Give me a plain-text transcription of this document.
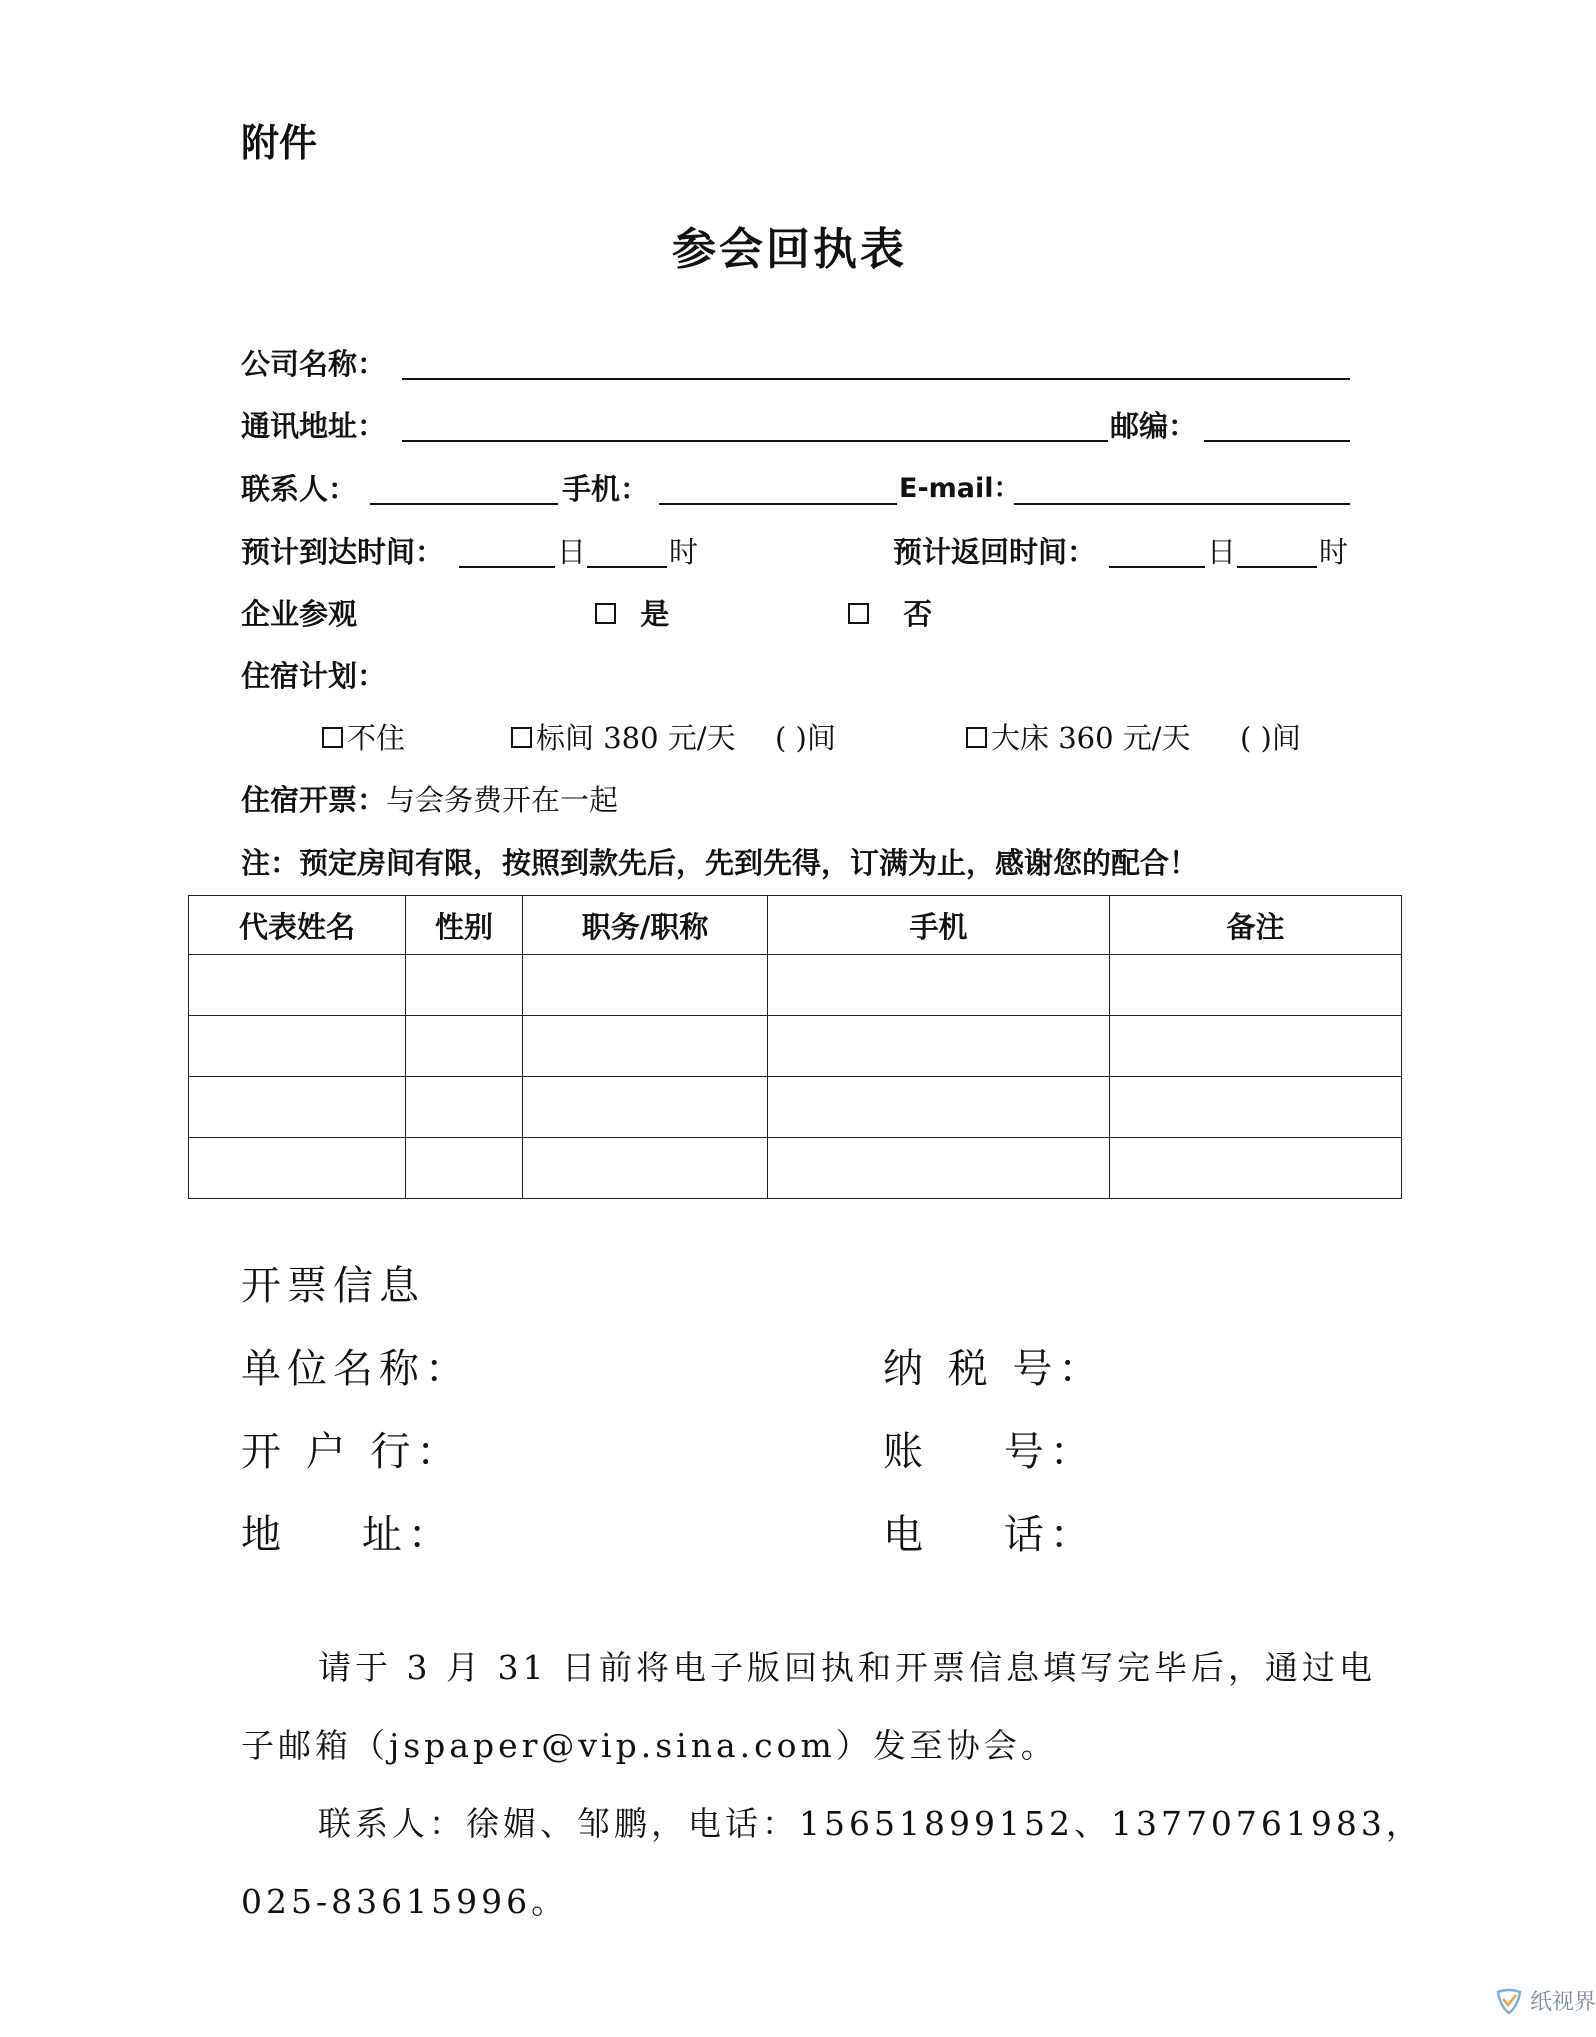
附件
参会回执表
公司名称：
通讯地址：	邮编：
联系人：	手机：	E-mail：
预计到达时间：	日	时	预计返回时间：	日	时
企业参观	是	否
住宿计划：
不住	标间 380 元/天 ( )间	大床 360 元/天 ( )间
住宿开票：与会务费开在一起
注：预定房间有限，按照到款先后，先到先得，订满为止，感谢您的配合！
代表姓名	性别	职务/职称	手机	备注

开票信息
单位名称：	纳 税 号：
开 户 行：	账    号：
地    址：	电    话：
请于 3 月 31 日前将电子版回执和开票信息填写完毕后，通过电
子邮箱（jspaper@vip.sina.com）发至协会。
联系人：徐媚、邹鹏，电话：15651899152、13770761983，
025-83615996。
纸视界
